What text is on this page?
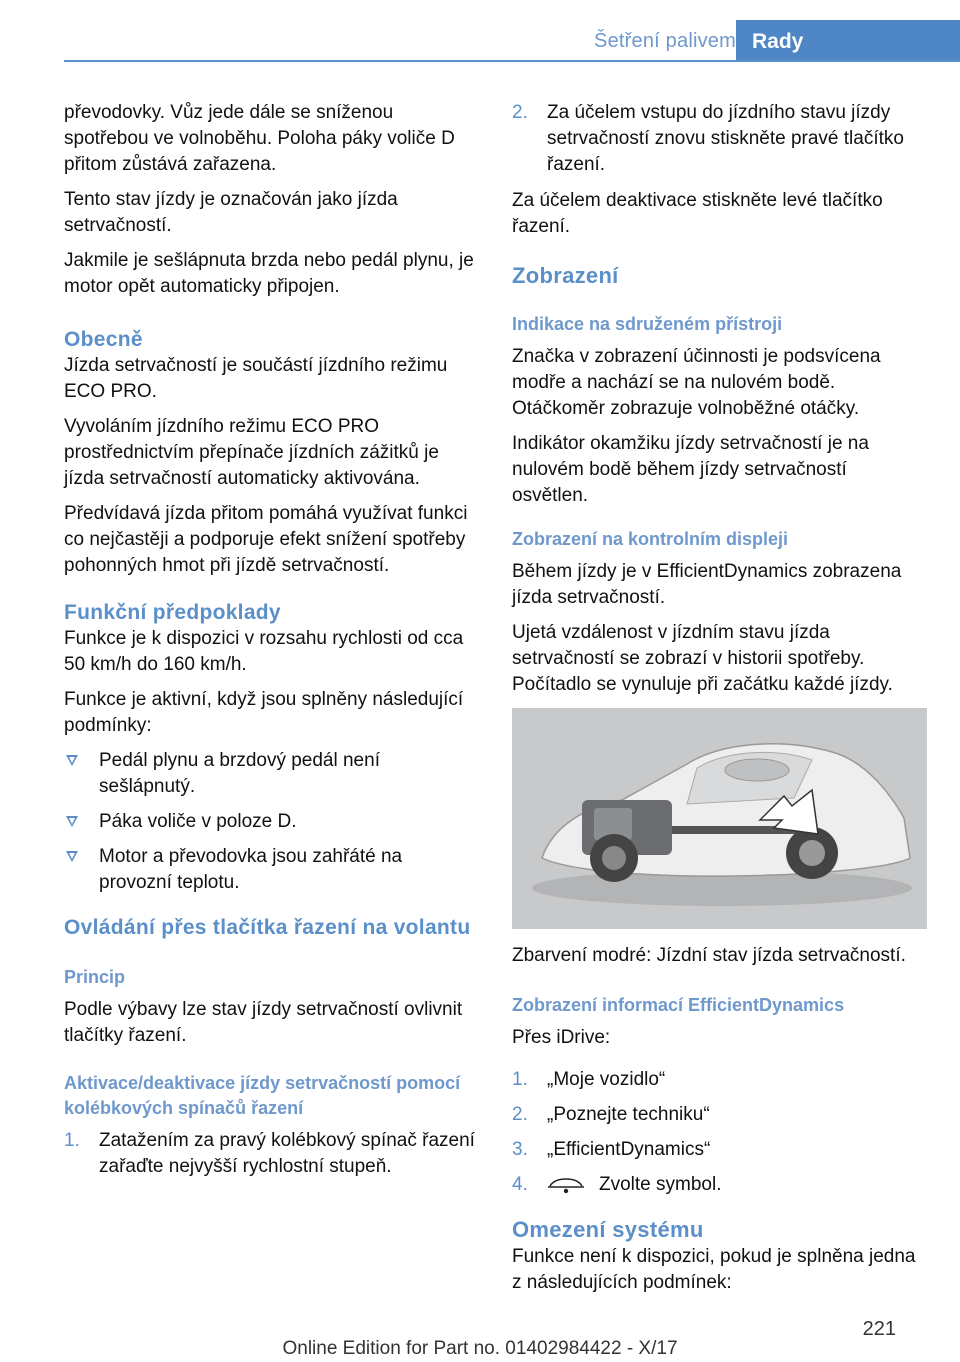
Šetření palivem Rady

převodovky. Vůz jede dále se sníženou spotřebou ve volnoběhu. Poloha páky voliče D přitom zůstává zařazena.

Tento stav jízdy je označován jako jízda setrvačností.

Jakmile je sešlápnuta brzda nebo pedál plynu, je motor opět automaticky připojen.

Obecně

Jízda setrvačností je součástí jízdního režimu ECO PRO.

Vyvoláním jízdního režimu ECO PRO prostřednictvím přepínače jízdních zážitků je jízda setrvačností automaticky aktivována.

Předvídavá jízda přitom pomáhá využívat funkci co nejčastěji a podporuje efekt snížení spotřeby pohonných hmot při jízdě setrvačností.

Funkční předpoklady

Funkce je k dispozici v rozsahu rychlosti od cca 50 km/h do 160 km/h.

Funkce je aktivní, když jsou splněny následující podmínky:

Pedál plynu a brzdový pedál není sešlápnutý.
Páka voliče v poloze D.
Motor a převodovka jsou zahřáté na provozní teplotu.
Ovládání přes tlačítka řazení na volantu
Princip

Podle výbavy lze stav jízdy setrvačností ovlivnit tlačítky řazení.

Aktivace/deaktivace jízdy setrvačností pomocí kolébkových spínačů řazení
1. Zatažením za pravý kolébkový spínač řazení zařaďte nejvyšší rychlostní stupeň.
2. Za účelem vstupu do jízdního stavu jízdy setrvačností znovu stiskněte pravé tlačítko řazení.

Za účelem deaktivace stiskněte levé tlačítko řazení.

Zobrazení
Indikace na sdruženém přístroji

Značka v zobrazení účinnosti je podsvícena modře a nachází se na nulovém bodě. Otáčkoměr zobrazuje volnoběžné otáčky.

Indikátor okamžiku jízdy setrvačností je na nulovém bodě během jízdy setrvačností osvětlen.

Zobrazení na kontrolním displeji

Během jízdy je v EfficientDynamics zobrazena jízda setrvačností.

Ujetá vzdálenost v jízdním stavu jízda setrvačností se zobrazí v historii spotřeby. Počítadlo se vynuluje při začátku každé jízdy.

Zbarvení modré: Jízdní stav jízda setrvačností.

Zobrazení informací EfficientDynamics

Přes iDrive:

1. „Moje vozidlo“
2. „Poznejte techniku“
3. „EfficientDynamics“
4.	Zvolte symbol.
Omezení systému

Funkce není k dispozici, pokud je splněna jedna z následujících podmínek:

221
Online Edition for Part no. 01402984422 - X/17
